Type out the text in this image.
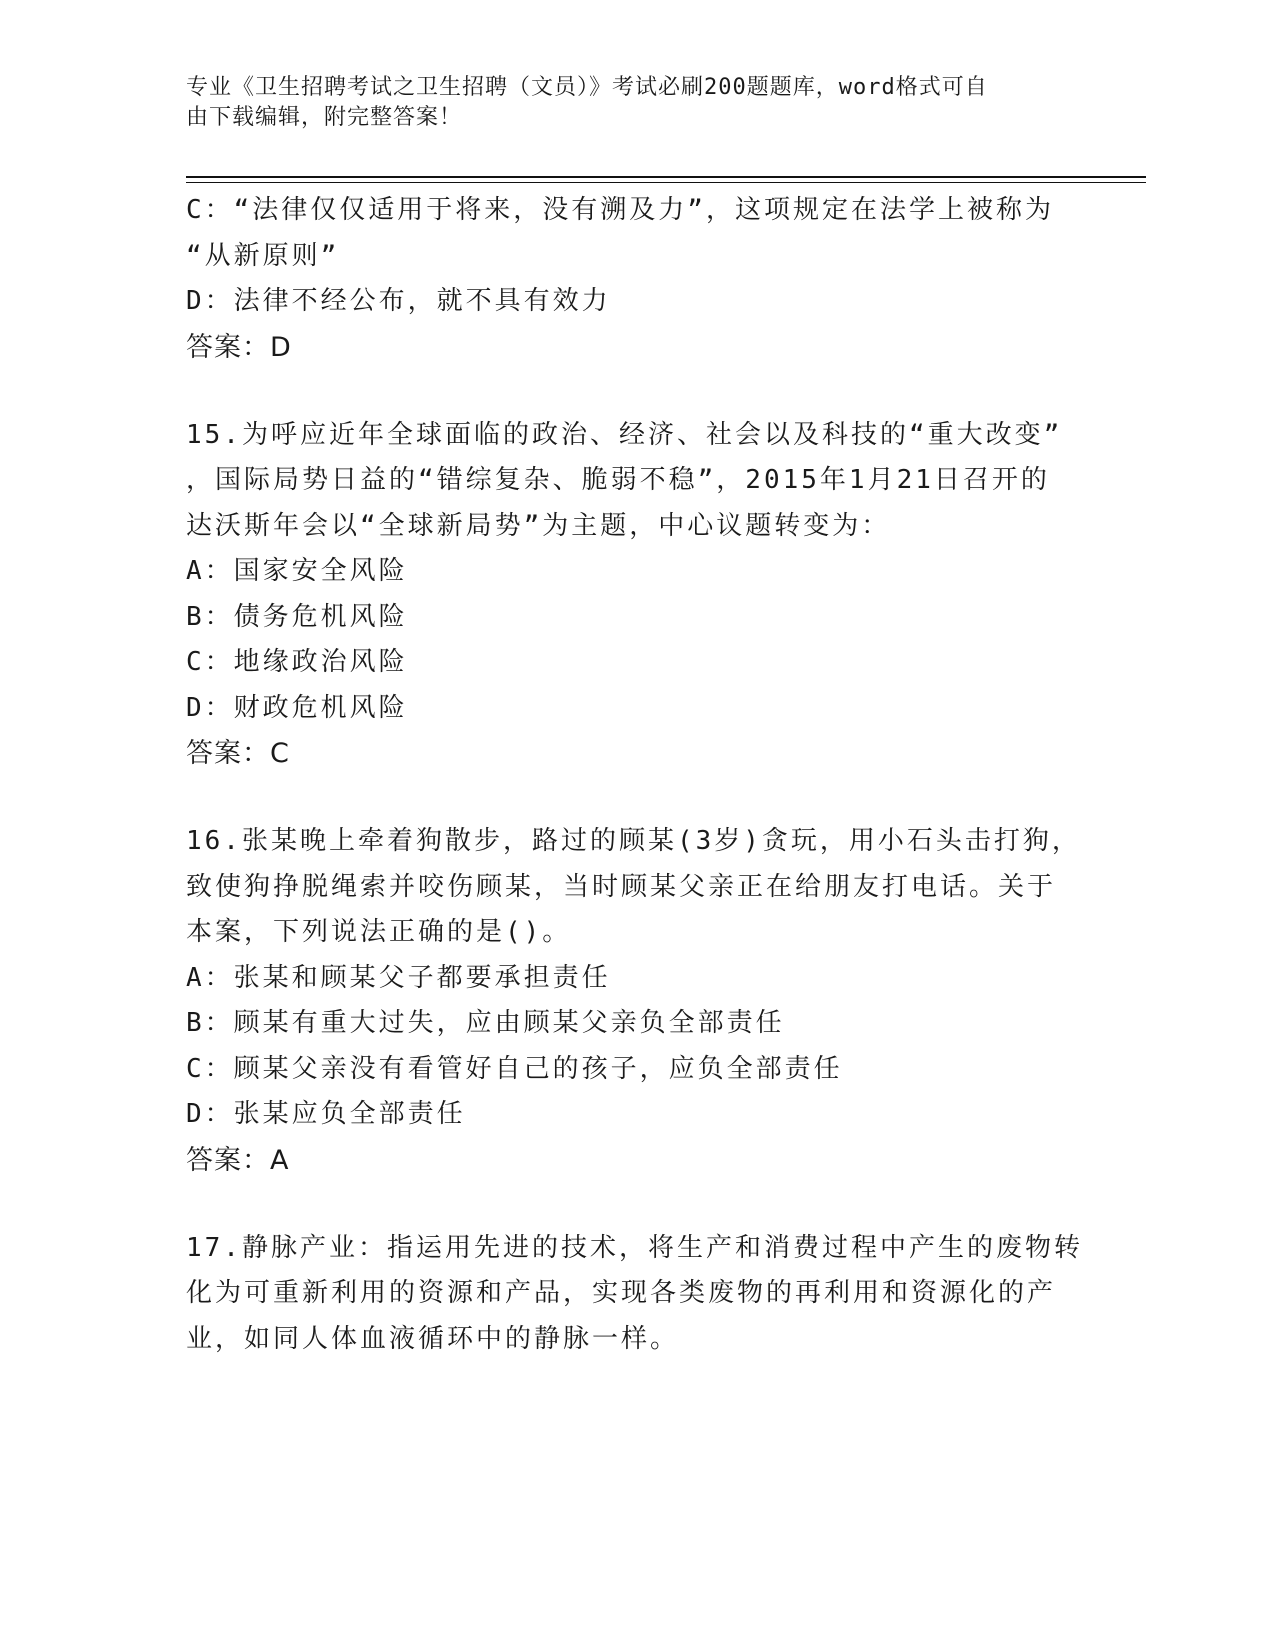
专业《卫生招聘考试之卫生招聘（文员）》考试必刷200题题库，word格式可自
由下载编辑，附完整答案！
C：“法律仅仅适用于将来，没有溯及力”，这项规定在法学上被称为
“从新原则”
D：法律不经公布，就不具有效力
答案：D
15.为呼应近年全球面临的政治、经济、社会以及科技的“重大改变”
，国际局势日益的“错综复杂、脆弱不稳”，2015年1月21日召开的
达沃斯年会以“全球新局势”为主题，中心议题转变为：
A：国家安全风险
B：债务危机风险
C：地缘政治风险
D：财政危机风险
答案：C
16.张某晚上牵着狗散步，路过的顾某(3岁)贪玩，用小石头击打狗，
致使狗挣脱绳索并咬伤顾某，当时顾某父亲正在给朋友打电话。关于
本案，下列说法正确的是()。
A：张某和顾某父子都要承担责任
B：顾某有重大过失，应由顾某父亲负全部责任
C：顾某父亲没有看管好自己的孩子，应负全部责任
D：张某应负全部责任
答案：A
17.静脉产业：指运用先进的技术，将生产和消费过程中产生的废物转
化为可重新利用的资源和产品，实现各类废物的再利用和资源化的产
业，如同人体血液循环中的静脉一样。
